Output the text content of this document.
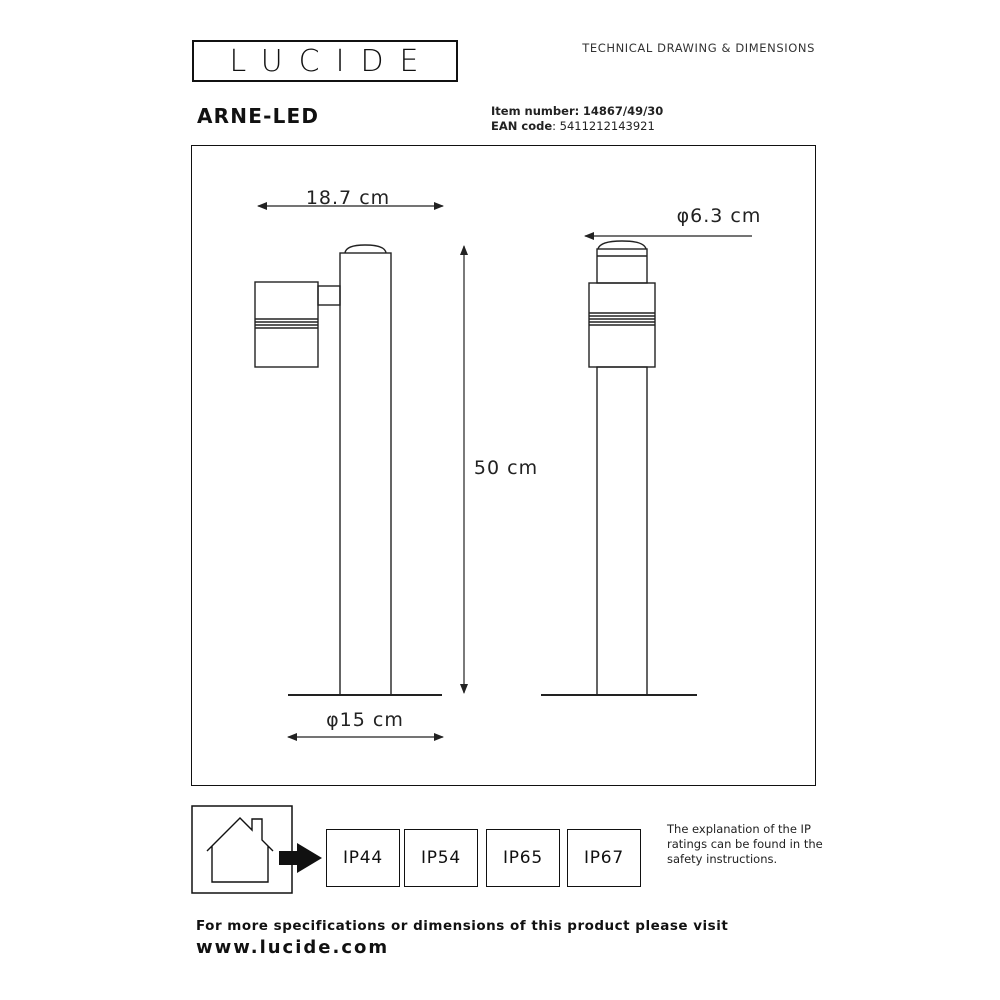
LUCIDE	TECHNICAL DRAWING & DIMENSIONS
ARNE-LED	Item number: 14867/49/30
EAN code: 5411212143921
18.7 cm
φ6.3 cm
50 cm
φ15 cm
IP44	IP54	IP65	IP67
The explanation of the IP ratings can be found in the safety instructions.
For more specifications or dimensions of this product please visit
www.lucide.com
